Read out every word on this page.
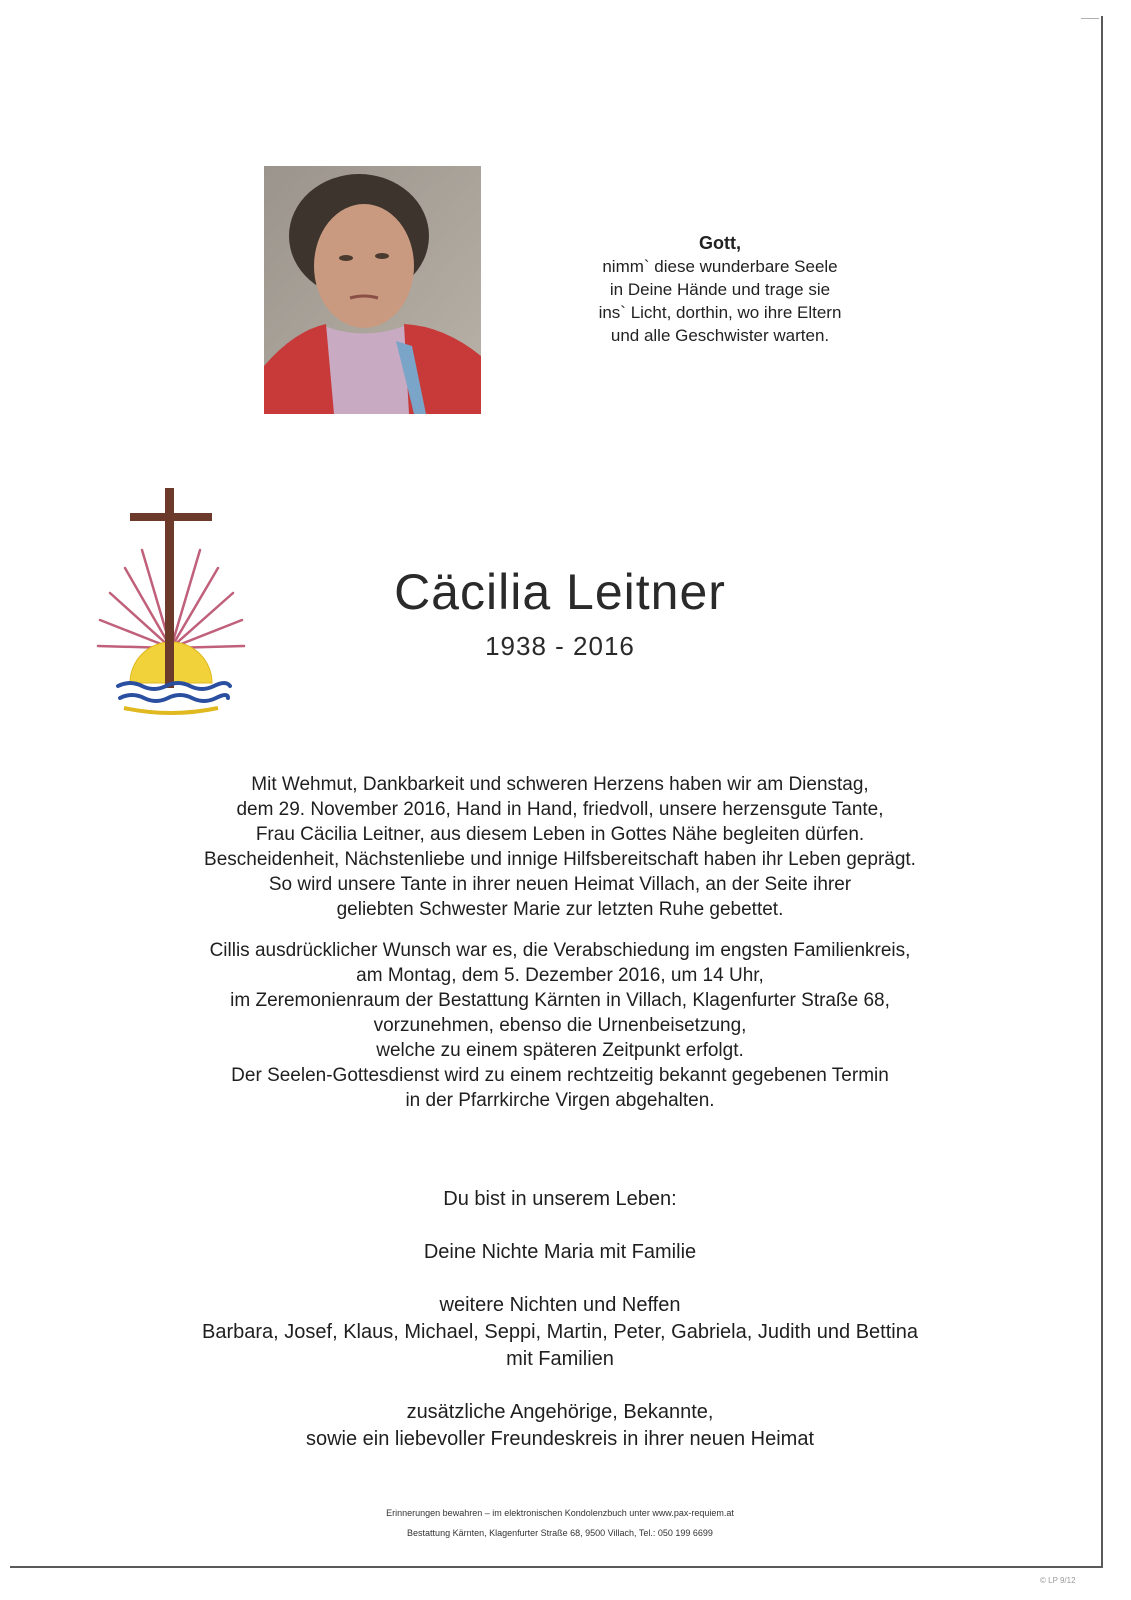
Gott,
nimm` diese wunderbare Seele
in Deine Hände und trage sie
ins` Licht, dorthin, wo ihre Eltern
und alle Geschwister warten.
Cäcilia Leitner
1938 - 2016
Mit Wehmut, Dankbarkeit und schweren Herzens haben wir am Dienstag,
dem 29. November 2016, Hand in Hand, friedvoll, unsere herzensgute Tante,
Frau Cäcilia Leitner, aus diesem Leben in Gottes Nähe begleiten dürfen.
Bescheidenheit, Nächstenliebe und innige Hilfsbereitschaft haben ihr Leben geprägt.
So wird unsere Tante in ihrer neuen Heimat Villach, an der Seite ihrer
geliebten Schwester Marie zur letzten Ruhe gebettet.
Cillis ausdrücklicher Wunsch war es, die Verabschiedung im engsten Familienkreis,
am Montag, dem 5. Dezember 2016, um 14 Uhr,
im Zeremonienraum der Bestattung Kärnten in Villach, Klagenfurter Straße 68,
vorzunehmen, ebenso die Urnenbeisetzung,
welche zu einem späteren Zeitpunkt erfolgt.
Der Seelen-Gottesdienst wird zu einem rechtzeitig bekannt gegebenen Termin
in der Pfarrkirche Virgen abgehalten.
Du bist in unserem Leben:
Deine Nichte Maria mit Familie
weitere Nichten und Neffen
Barbara, Josef, Klaus, Michael, Seppi, Martin, Peter, Gabriela, Judith und Bettina
mit Familien
zusätzliche Angehörige, Bekannte,
sowie ein liebevoller Freundeskreis in ihrer neuen Heimat
Erinnerungen bewahren – im elektronischen Kondolenzbuch unter www.pax-requiem.at
Bestattung Kärnten, Klagenfurter Straße 68, 9500 Villach, Tel.: 050 199 6699
© LP 9/12
